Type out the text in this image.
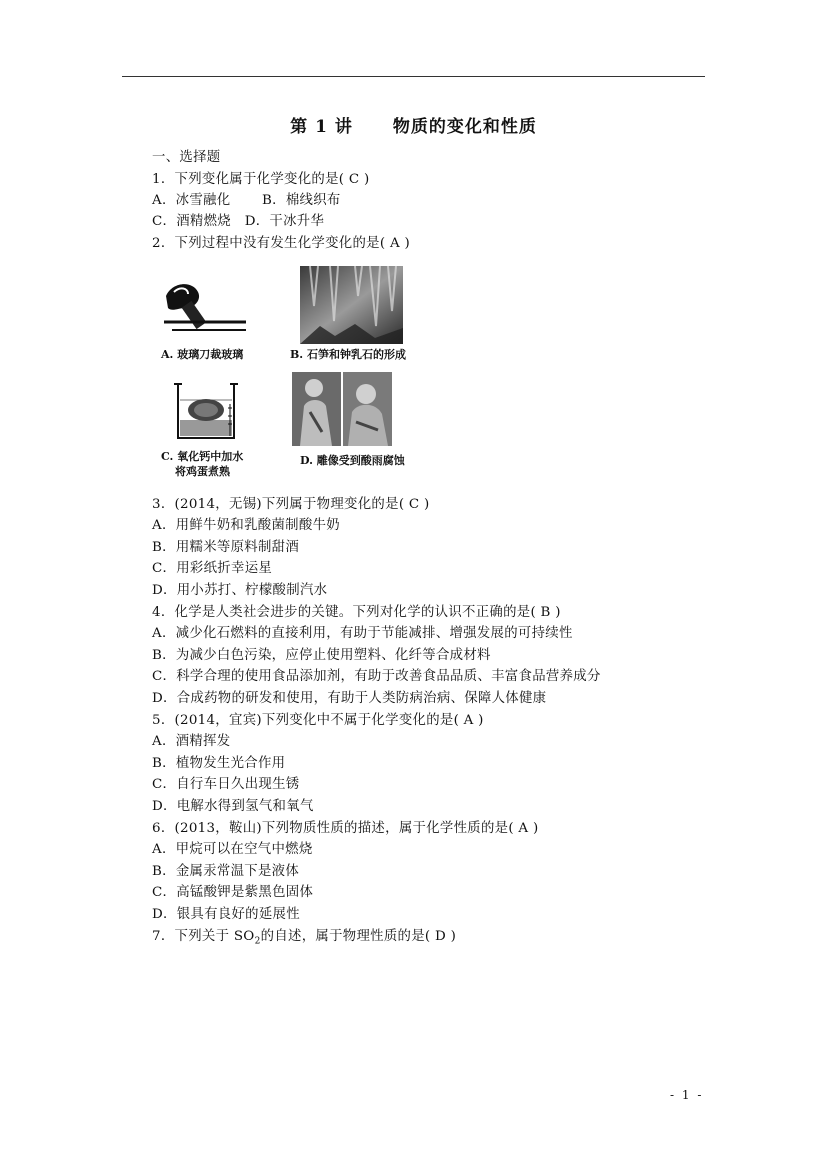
第 1 讲 物质的变化和性质
一、选择题
1．下列变化属于化学变化的是( C )
A．冰雪融化 B．棉线织布
C．酒精燃烧　D．干冰升华
2．下列过程中没有发生化学变化的是( A )
A. 玻璃刀裁玻璃	B. 石笋和钟乳石的形成
C. 氧化钙中加水
将鸡蛋煮熟
D. 雕像受到酸雨腐蚀
3．(2014，无锡)下列属于物理变化的是( C )
A．用鲜牛奶和乳酸菌制酸牛奶
B．用糯米等原料制甜酒
C．用彩纸折幸运星
D．用小苏打、柠檬酸制汽水
4．化学是人类社会进步的关键。下列对化学的认识不正确的是( B )
A．减少化石燃料的直接利用，有助于节能减排、增强发展的可持续性
B．为减少白色污染，应停止使用塑料、化纤等合成材料
C．科学合理的使用食品添加剂，有助于改善食品品质、丰富食品营养成分
D．合成药物的研发和使用，有助于人类防病治病、保障人体健康
5．(2014，宜宾)下列变化中不属于化学变化的是( A )
A．酒精挥发
B．植物发生光合作用
C．自行车日久出现生锈
D．电解水得到氢气和氧气
6．(2013，鞍山)下列物质性质的描述，属于化学性质的是( A )
A．甲烷可以在空气中燃烧
B．金属汞常温下是液体
C．高锰酸钾是紫黑色固体
D．银具有良好的延展性
7．下列关于 $SO_2$的自述，属于物理性质的是( D )
- 1 -
